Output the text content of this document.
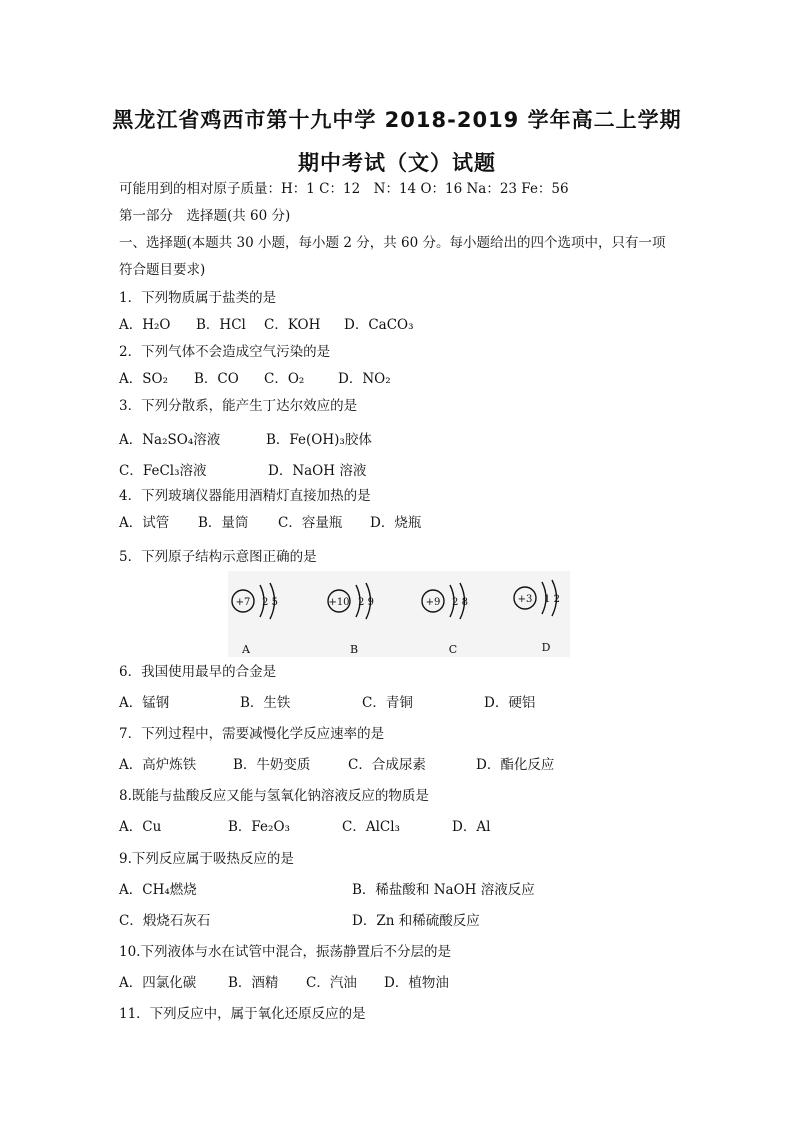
黑龙江省鸡西市第十九中学 2018-2019 学年高二上学期
期中考试（文）试题
可能用到的相对原子质量：H：1 C：12　N：14 O：16 Na：23 Fe：56
第一部分　选择题(共 60 分)
一、选择题(本题共 30 小题，每小题 2 分，共 60 分。每小题给出的四个选项中，只有一项
符合题目要求)
1．下列物质属于盐类的是
A．H₂O B．HCl C．KOH D．CaCO₃
2．下列气体不会造成空气污染的是
A．SO₂ B．CO C．O₂ D．NO₂
3．下列分散系，能产生丁达尔效应的是
A．Na₂SO₄溶液	B．Fe(OH)₃胶体
C．FeCl₃溶液	D．NaOH 溶液
4．下列玻璃仪器能用酒精灯直接加热的是
A．试管 B．量筒 C．容量瓶 D．烧瓶
5．下列原子结构示意图正确的是
+7 2 5	+10 2 9	+9 2 8	+3 1 2
A	B	C	D
6．我国使用最早的合金是
A．锰钢	B．生铁	C．青铜	D．硬铝
7．下列过程中，需要减慢化学反应速率的是
A．高炉炼铁	B．牛奶变质	C．合成尿素	D．酯化反应
8.既能与盐酸反应又能与氢氧化钠溶液反应的物质是
A．Cu	B．Fe₂O₃	C．AlCl₃	D．Al
9.下列反应属于吸热反应的是
A．CH₄燃烧	B．稀盐酸和 NaOH 溶液反应
C．煅烧石灰石	D．Zn 和稀硫酸反应
10.下列液体与水在试管中混合，振荡静置后不分层的是
A．四氯化碳 B．酒精 C．汽油 D．植物油
11．下列反应中，属于氧化还原反应的是
